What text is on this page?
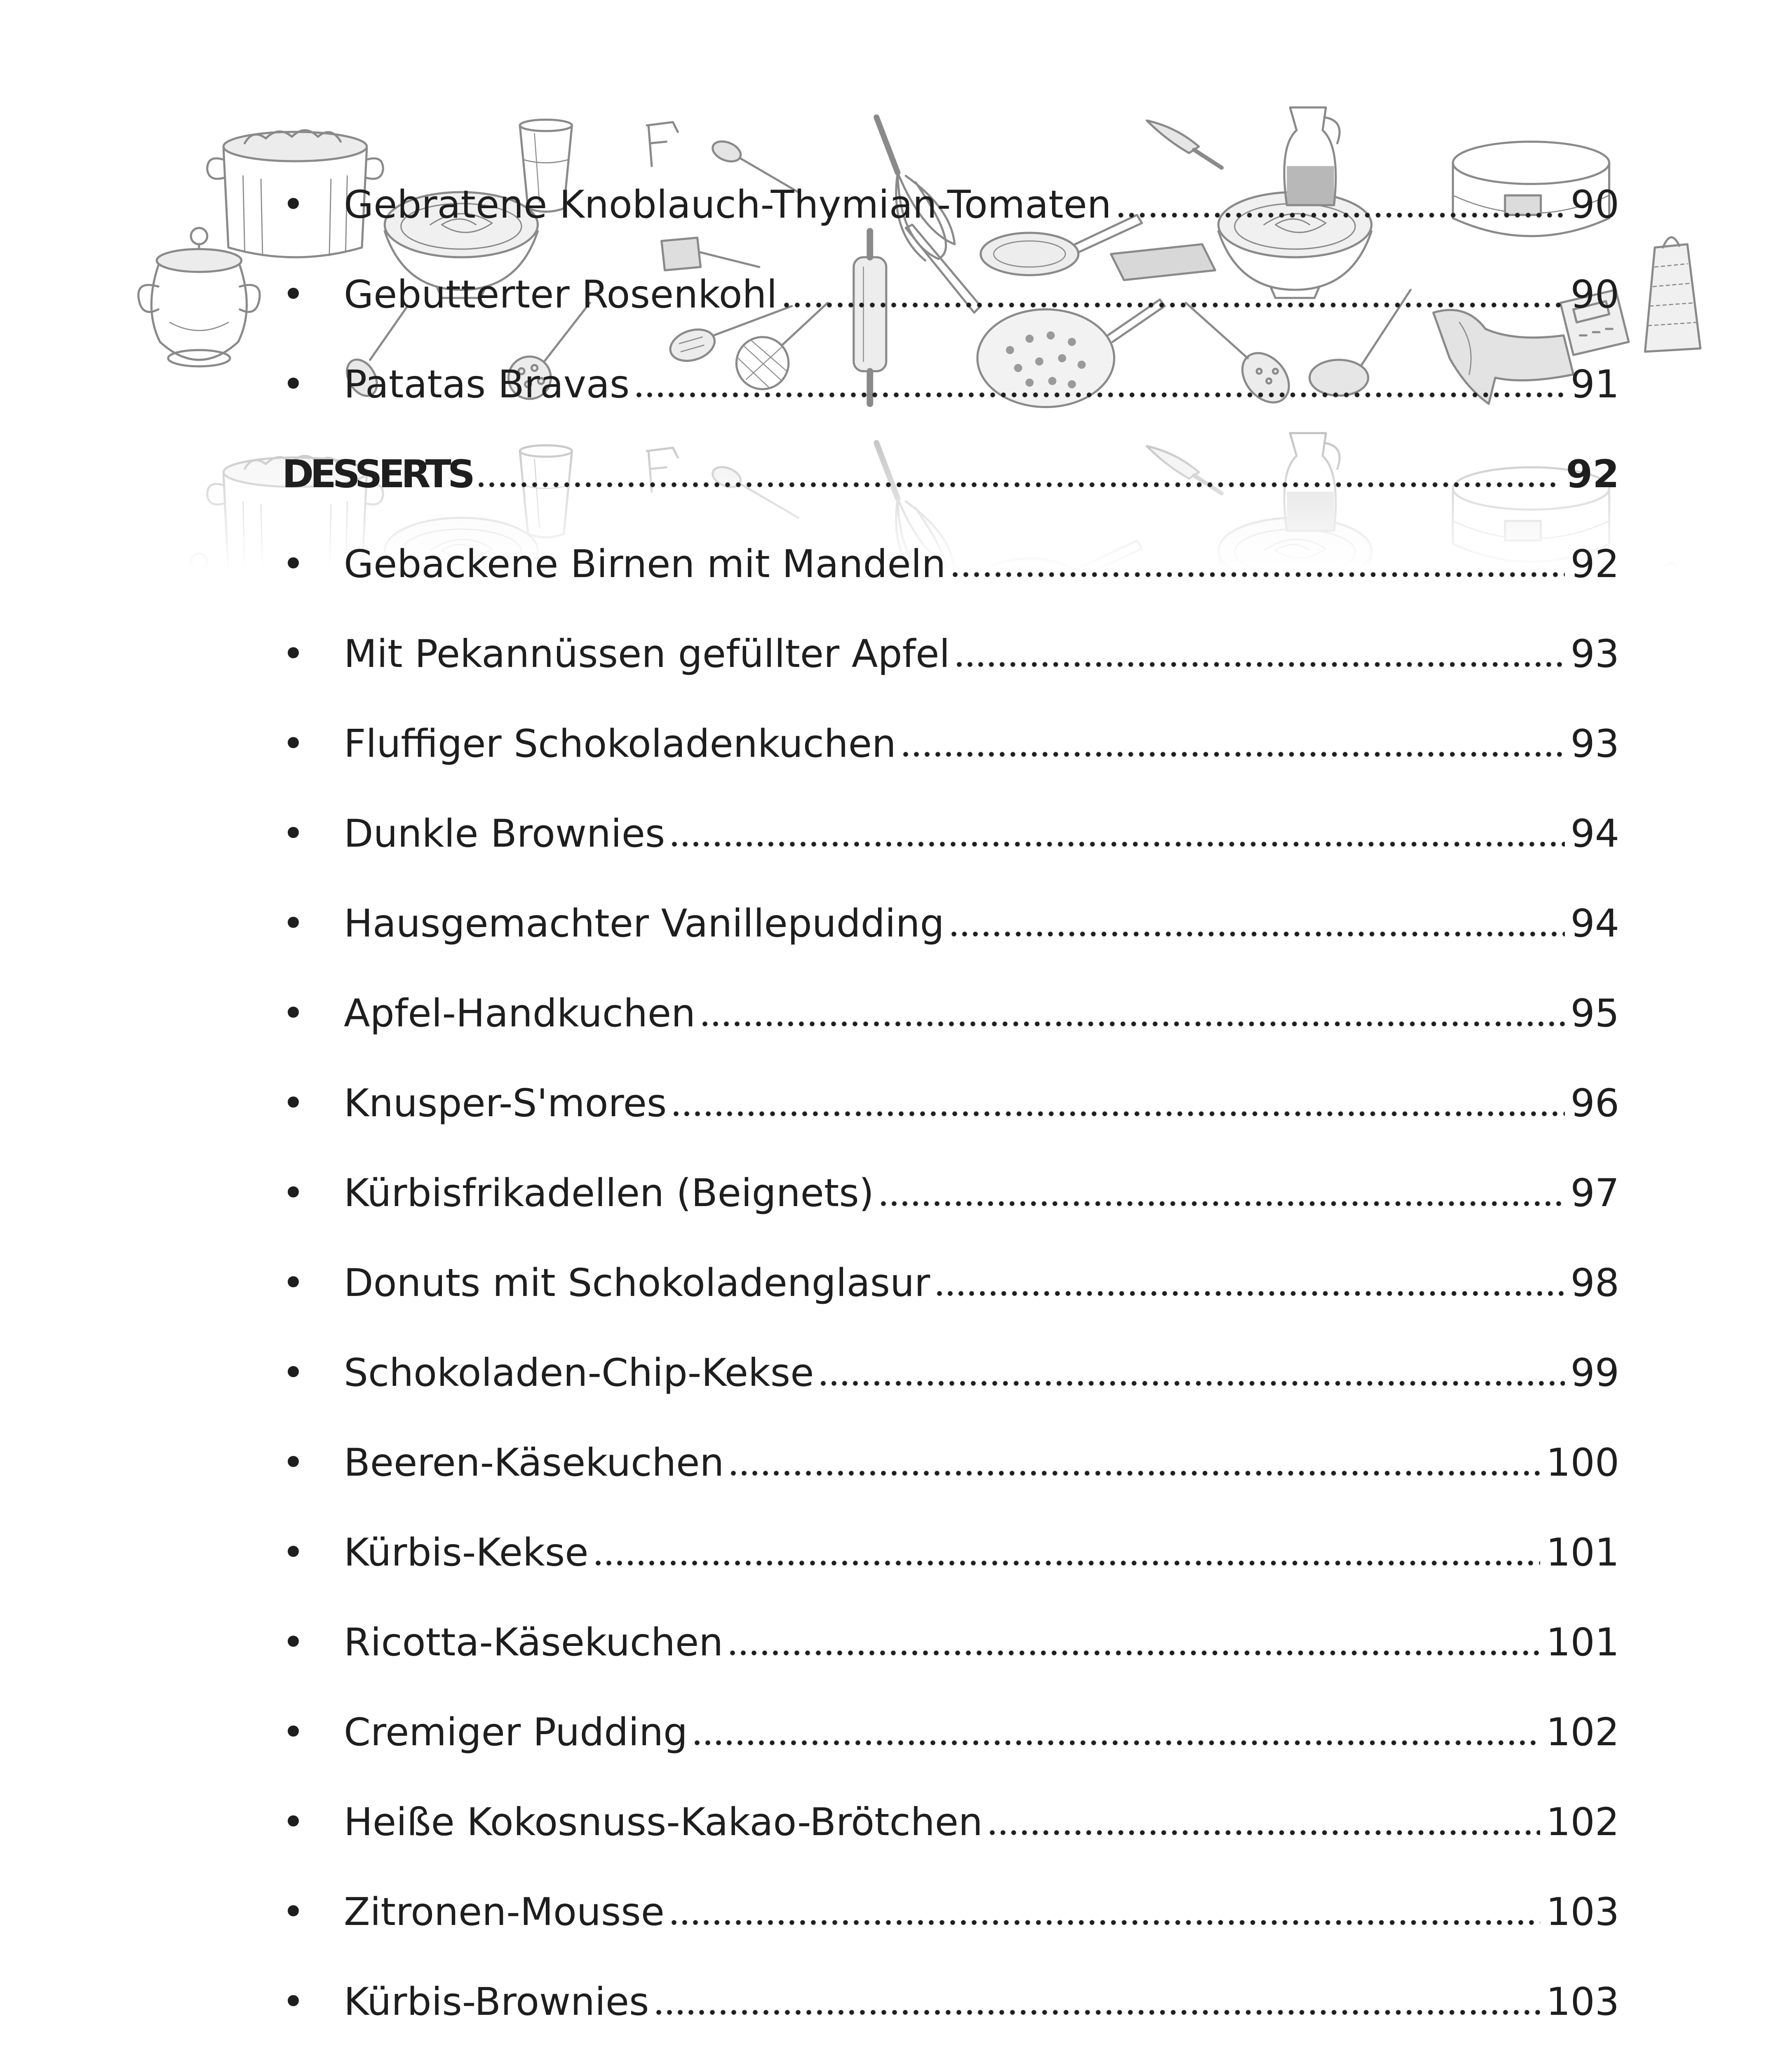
•	Gebratene Knoblauch-Thymian-Tomaten	90
•	Gebutterter Rosenkohl	90
•	Patatas Bravas	91
DESSERTS	92
•	Gebackene Birnen mit Mandeln	92
•	Mit Pekannüssen gefüllter Apfel	93
•	Fluffiger Schokoladenkuchen	93
•	Dunkle Brownies	94
•	Hausgemachter Vanillepudding	94
•	Apfel-Handkuchen	95
•	Knusper-S'mores	96
•	Kürbisfrikadellen (Beignets)	97
•	Donuts mit Schokoladenglasur	98
•	Schokoladen-Chip-Kekse	99
•	Beeren-Käsekuchen	100
•	Kürbis-Kekse	101
•	Ricotta-Käsekuchen	101
•	Cremiger Pudding	102
•	Heiße Kokosnuss-Kakao-Brötchen	102
•	Zitronen-Mousse	103
•	Kürbis-Brownies	103
